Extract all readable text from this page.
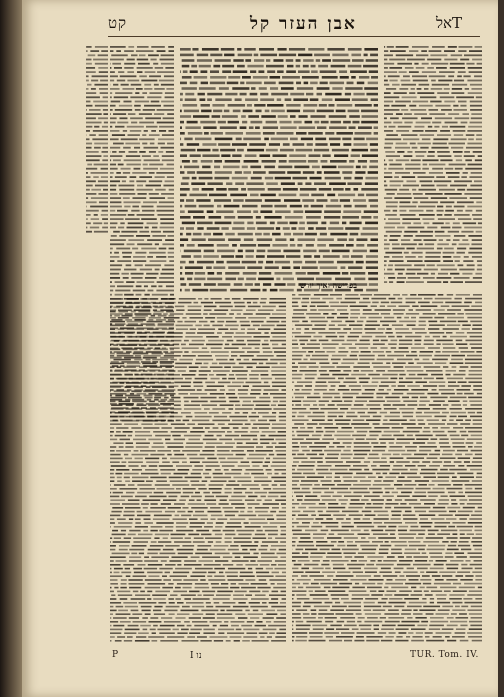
קט	אבן העזר קל	Tאל
בפרישה ואיך יורש
P	נו I	TUR. Tom. IV.
